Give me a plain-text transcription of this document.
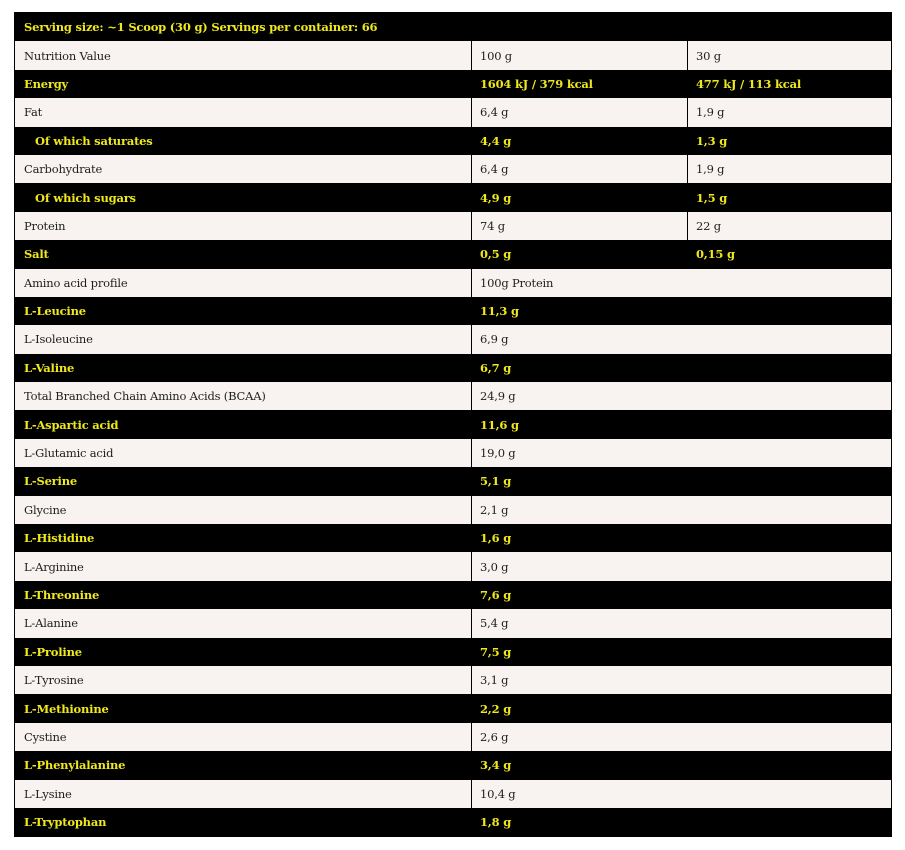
Serving size: ~1 Scoop (30 g) Servings per container: 66
Nutrition Value	100 g	30 g
Energy	1604 kJ / 379 kcal	477 kJ / 113 kcal
Fat	6,4 g	1,9 g
Of which saturates	4,4 g	1,3 g
Carbohydrate	6,4 g	1,9 g
Of which sugars	4,9 g	1,5 g
Protein	74 g	22 g
Salt	0,5 g	0,15 g
Amino acid profile	100g Protein
L-Leucine	11,3 g
L-Isoleucine	6,9 g
L-Valine	6,7 g
Total Branched Chain Amino Acids (BCAA)	24,9 g
L-Aspartic acid	11,6 g
L-Glutamic acid	19,0 g
L-Serine	5,1 g
Glycine	2,1 g
L-Histidine	1,6 g
L-Arginine	3,0 g
L-Threonine	7,6 g
L-Alanine	5,4 g
L-Proline	7,5 g
L-Tyrosine	3,1 g
L-Methionine	2,2 g
Cystine	2,6 g
L-Phenylalanine	3,4 g
L-Lysine	10,4 g
L-Tryptophan	1,8 g
